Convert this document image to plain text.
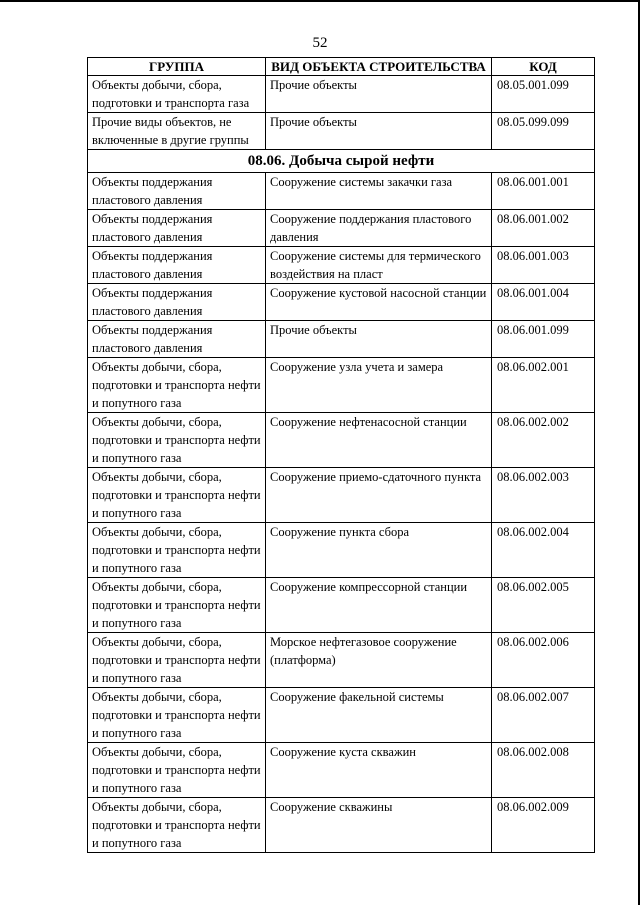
52
ГРУППА	ВИД ОБЪЕКТА СТРОИТЕЛЬСТВА	КОД
Объекты добычи, сбора, подготовки и транспорта газа	Прочие объекты	08.05.001.099
Прочие виды объектов, не включенные в другие группы	Прочие объекты	08.05.099.099
08.06. Добыча сырой нефти		
Объекты поддержания пластового давления	Сооружение системы закачки газа	08.06.001.001
Объекты поддержания пластового давления	Сооружение поддержания пластового давления	08.06.001.002
Объекты поддержания пластового давления	Сооружение системы для термического воздействия на пласт	08.06.001.003
Объекты поддержания пластового давления	Сооружение кустовой насосной станции	08.06.001.004
Объекты поддержания пластового давления	Прочие объекты	08.06.001.099
Объекты добычи, сбора, подготовки и транспорта нефти и попутного газа	Сооружение узла учета и замера	08.06.002.001
Объекты добычи, сбора, подготовки и транспорта нефти и попутного газа	Сооружение нефтенасосной станции	08.06.002.002
Объекты добычи, сбора, подготовки и транспорта нефти и попутного газа	Сооружение приемо-сдаточного пункта	08.06.002.003
Объекты добычи, сбора, подготовки и транспорта нефти и попутного газа	Сооружение пункта сбора	08.06.002.004
Объекты добычи, сбора, подготовки и транспорта нефти и попутного газа	Сооружение компрессорной станции	08.06.002.005
Объекты добычи, сбора, подготовки и транспорта нефти и попутного газа	Морское нефтегазовое сооружение (платформа)	08.06.002.006
Объекты добычи, сбора, подготовки и транспорта нефти и попутного газа	Сооружение факельной системы	08.06.002.007
Объекты добычи, сбора, подготовки и транспорта нефти и попутного газа	Сооружение куста скважин	08.06.002.008
Объекты добычи, сбора, подготовки и транспорта нефти и попутного газа	Сооружение скважины	08.06.002.009
